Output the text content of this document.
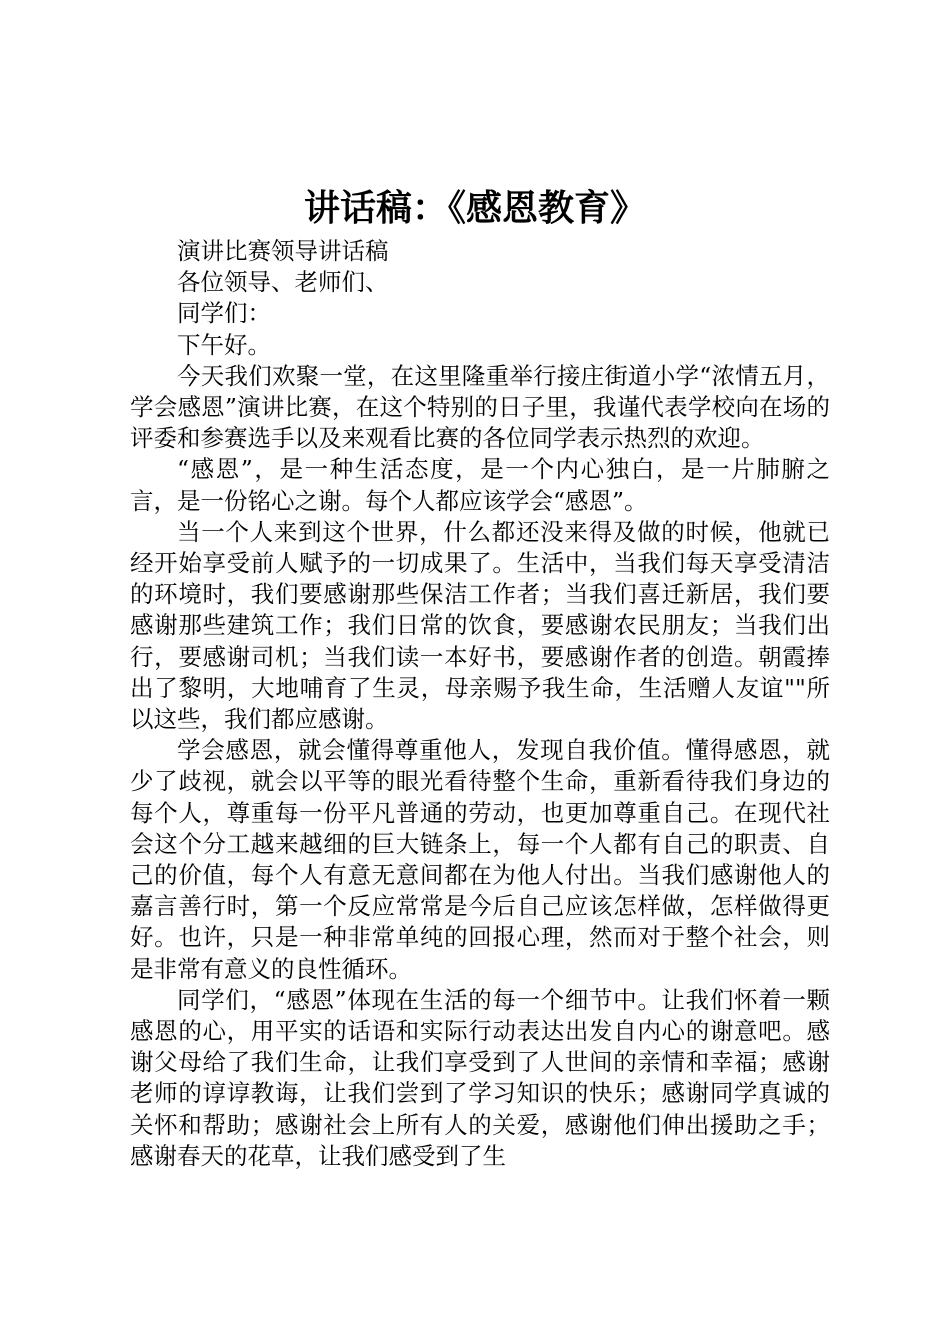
讲话稿：《感恩教育》

演讲比赛领导讲话稿

各位领导、老师们、

同学们：

下午好。

今天我们欢聚一堂，在这里隆重举行接庄街道小学“浓情五月，学会感恩”演讲比赛，在这个特别的日子里，我谨代表学校向在场的评委和参赛选手以及来观看比赛的各位同学表示热烈的欢迎。

“感恩”，是一种生活态度，是一个内心独白，是一片肺腑之言，是一份铭心之谢。每个人都应该学会“感恩”。

当一个人来到这个世界，什么都还没来得及做的时候，他就已经开始享受前人赋予的一切成果了。生活中，当我们每天享受清洁的环境时，我们要感谢那些保洁工作者；当我们喜迁新居，我们要感谢那些建筑工作；我们日常的饮食，要感谢农民朋友；当我们出行，要感谢司机；当我们读一本好书，要感谢作者的创造。朝霞捧出了黎明，大地哺育了生灵，母亲赐予我生命，生活赠人友谊""所以这些，我们都应感谢。

学会感恩，就会懂得尊重他人，发现自我价值。懂得感恩，就少了歧视，就会以平等的眼光看待整个生命，重新看待我们身边的每个人，尊重每一份平凡普通的劳动，也更加尊重自己。在现代社会这个分工越来越细的巨大链条上，每一个人都有自己的职责、自己的价值，每个人有意无意间都在为他人付出。当我们感谢他人的嘉言善行时，第一个反应常常是今后自己应该怎样做，怎样做得更好。也许，只是一种非常单纯的回报心理，然而对于整个社会，则是非常有意义的良性循环。

同学们，“感恩”体现在生活的每一个细节中。让我们怀着一颗感恩的心，用平实的话语和实际行动表达出发自内心的谢意吧。感谢父母给了我们生命，让我们享受到了人世间的亲情和幸福；感谢老师的谆谆教诲，让我们尝到了学习知识的快乐；感谢同学真诚的关怀和帮助；感谢社会上所有人的关爱，感谢他们伸出援助之手；感谢春天的花草，让我们感受到了生
